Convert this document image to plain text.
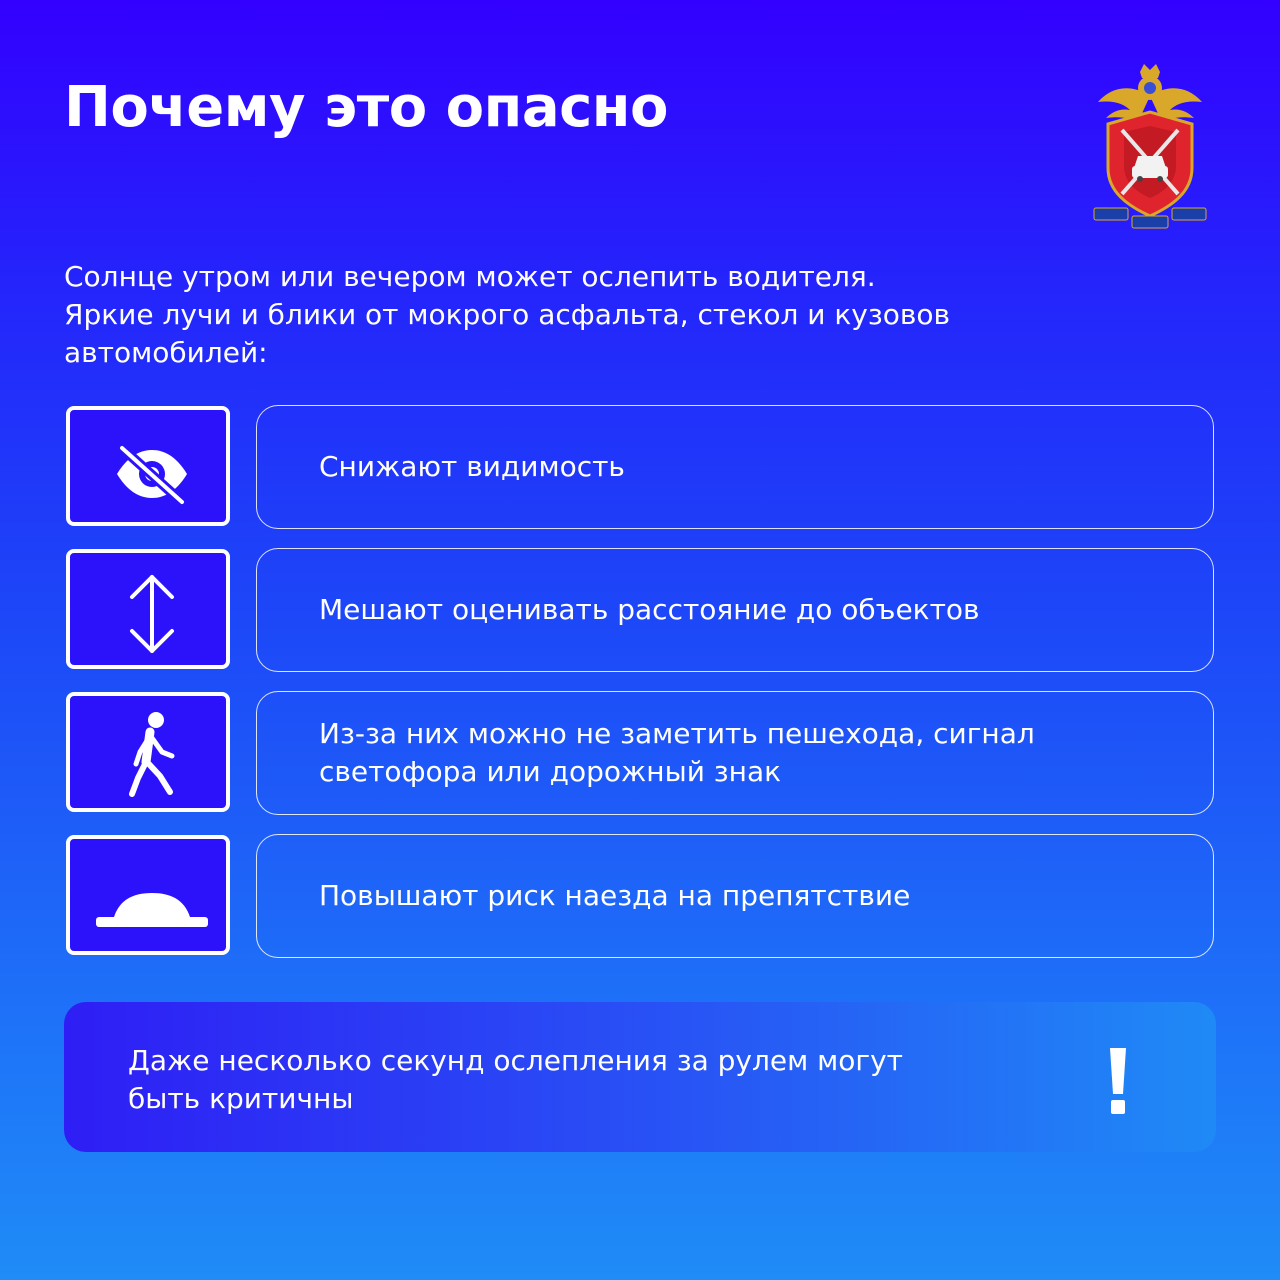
Почему это опасно
Солнце утром или вечером может ослепить водителя.
Яркие лучи и блики от мокрого асфальта, стекол и кузовов
автомобилей:
Снижают видимость
Мешают оценивать расстояние до объектов
Из-за них можно не заметить пешехода, сигнал
светофора или дорожный знак
Повышают риск наезда на препятствие
Даже несколько секунд ослепления за рулем могут
быть критичны
